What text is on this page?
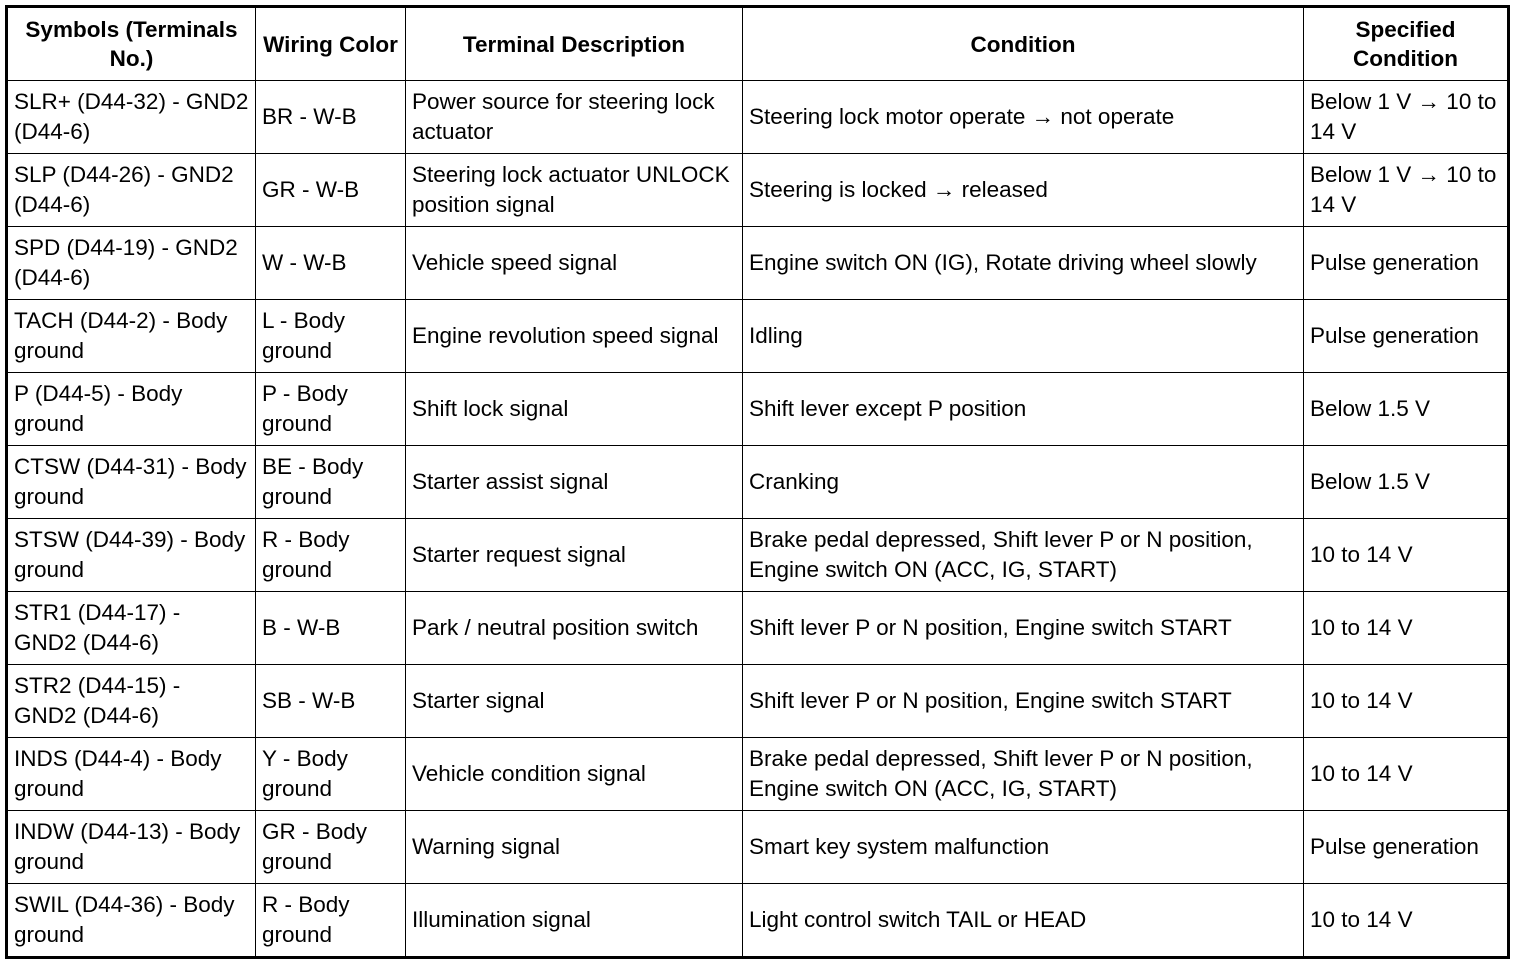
Symbols (Terminals No.)	Wiring Color	Terminal Description	Condition	Specified Condition
SLR+ (D44-32) - GND2 (D44-6)	BR - W-B	Power source for steering lock actuator	Steering lock motor operate → not operate	Below 1 V → 10 to 14 V
SLP (D44-26) - GND2 (D44-6)	GR - W-B	Steering lock actuator UNLOCK position signal	Steering is locked → released	Below 1 V → 10 to 14 V
SPD (D44-19) - GND2 (D44-6)	W - W-B	Vehicle speed signal	Engine switch ON (IG), Rotate driving wheel slowly	Pulse generation
TACH (D44-2) - Body ground	L - Body ground	Engine revolution speed signal	Idling	Pulse generation
P (D44-5) - Body ground	P - Body ground	Shift lock signal	Shift lever except P position	Below 1.5 V
CTSW (D44-31) - Body ground	BE - Body ground	Starter assist signal	Cranking	Below 1.5 V
STSW (D44-39) - Body ground	R - Body ground	Starter request signal	Brake pedal depressed, Shift lever P or N position, Engine switch ON (ACC, IG, START)	10 to 14 V
STR1 (D44-17) - GND2 (D44-6)	B - W-B	Park / neutral position switch	Shift lever P or N position, Engine switch START	10 to 14 V
STR2 (D44-15) - GND2 (D44-6)	SB - W-B	Starter signal	Shift lever P or N position, Engine switch START	10 to 14 V
INDS (D44-4) - Body ground	Y - Body ground	Vehicle condition signal	Brake pedal depressed, Shift lever P or N position, Engine switch ON (ACC, IG, START)	10 to 14 V
INDW (D44-13) - Body ground	GR - Body ground	Warning signal	Smart key system malfunction	Pulse generation
SWIL (D44-36) - Body ground	R - Body ground	Illumination signal	Light control switch TAIL or HEAD	10 to 14 V
